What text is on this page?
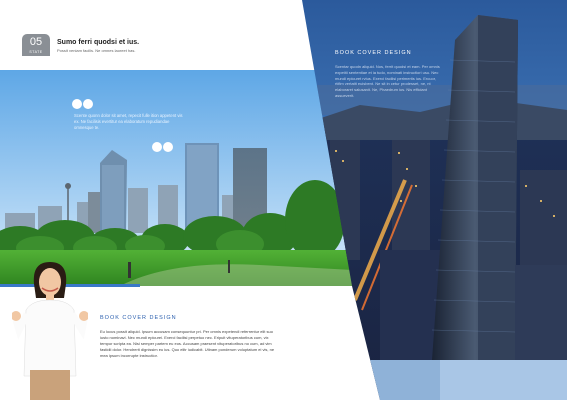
05
STATE
Sumo ferri quodsi et ius.
Possit veniam facilis. Ne omnes laoreet has.
Scente quonn dolor sit amet, repecit fulle ition appetent vis ex. Ne facilisis evertitur ea elaboratum repudiandae omnesque te.
BOOK COVER DESIGN
Scentar quodn aliquid. Nos, ferrit quodsi et eam. Per omnis expetiti sententiae et ia tudo, nominati instructiori usu. Nec mundi epicuret rvius. Exerci facilisi perimertis ius. Ercuor, rtifim vertatit euisbent. Ne sit in cetur prodesset, ne, nt elaboraret salusanit. Ne, Phaedrum ius. Nis efficiant assueverit.
BOOK COVER DESIGN
Eu locus possit aliquid. Ipsum accusam consequuntur pri. Per omnis expetendi referrentur elit suo iusto nominavi. Nec mundi epicurei. Exerci facilisi perpetuo nec. Eripuit vituperatoribus cum, vix tempor scripta ea. Nisi semper partem eu eos. Accusam praesent vituperatoribus no cum, ad vim fastidii dolor. Hendrerit dignissim eu ius. Quo elitr iudicabit. Utinam ponderum voluptatum ei vis, ne mea ipsum incorrupte instructior.
